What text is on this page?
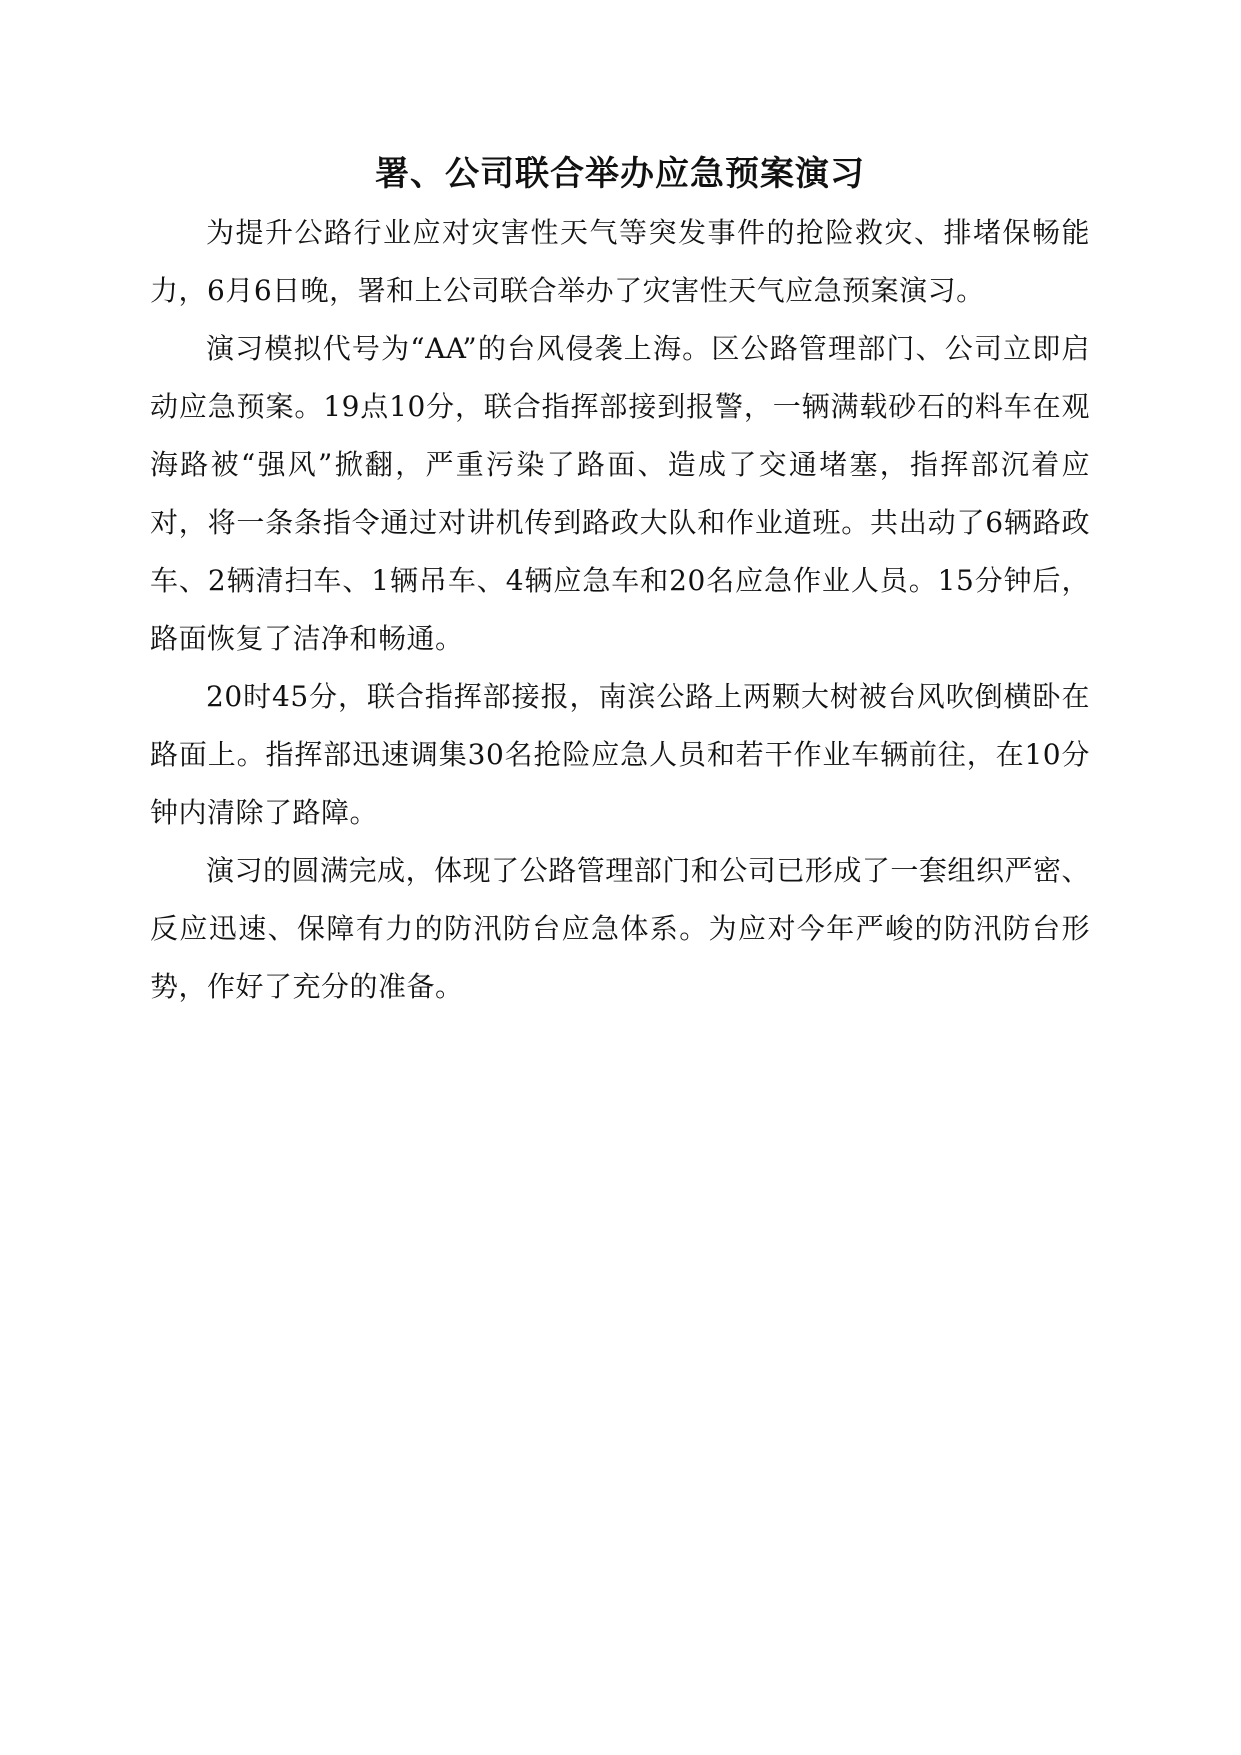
署、公司联合举办应急预案演习

为提升公路行业应对灾害性天气等突发事件的抢险救灾、排堵保畅能力，6月6日晚，署和上公司联合举办了灾害性天气应急预案演习。

演习模拟代号为“AA”的台风侵袭上海。区公路管理部门、公司立即启动应急预案。19点10分，联合指挥部接到报警，一辆满载砂石的料车在观海路被“强风”掀翻，严重污染了路面、造成了交通堵塞，指挥部沉着应对，将一条条指令通过对讲机传到路政大队和作业道班。共出动了6辆路政车、2辆清扫车、1辆吊车、4辆应急车和20名应急作业人员。15分钟后，路面恢复了洁净和畅通。

20时45分，联合指挥部接报，南滨公路上两颗大树被台风吹倒横卧在路面上。指挥部迅速调集30名抢险应急人员和若干作业车辆前往，在10分钟内清除了路障。

演习的圆满完成，体现了公路管理部门和公司已形成了一套组织严密、反应迅速、保障有力的防汛防台应急体系。为应对今年严峻的防汛防台形势，作好了充分的准备。
